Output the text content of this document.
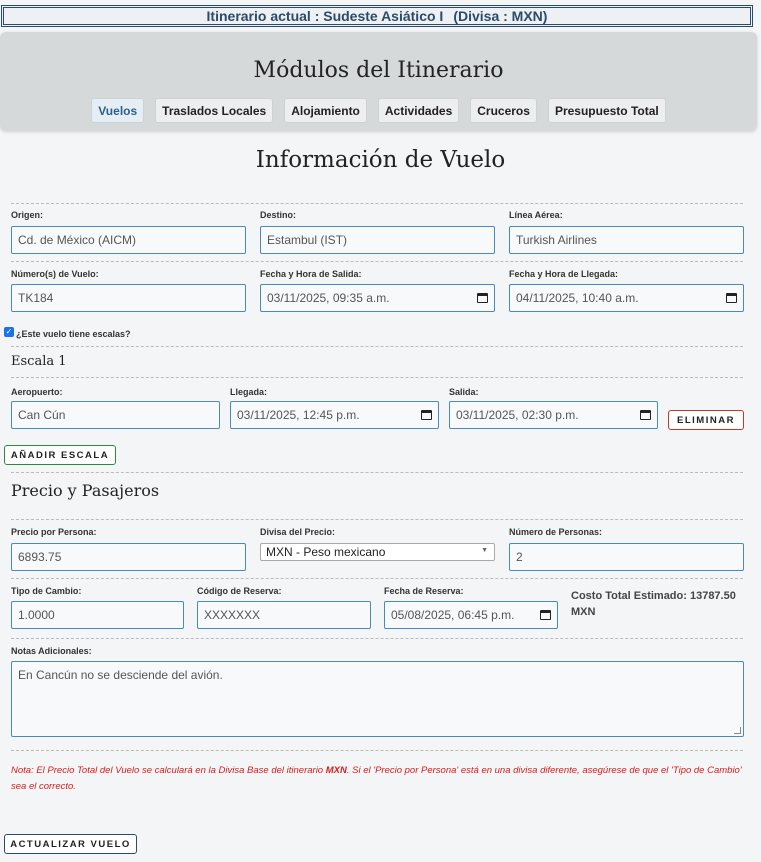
Itinerario actual : Sudeste Asiático I (Divisa : MXN)
Módulos del Itinerario
Vuelos	Traslados Locales	Alojamiento	Actividades	Cruceros	Presupuesto Total
Información de Vuelo
Origen:
Cd. de México (AICM)
Destino:
Estambul (IST)
Línea Aérea:
Turkish Airlines
Número(s) de Vuelo:
TK184
Fecha y Hora de Salida:
03/11/2025, 09:35 a.m.
Fecha y Hora de Llegada:
04/11/2025, 10:40 a.m.
✓ ¿Este vuelo tiene escalas?
Escala 1
Aeropuerto:
Can Cún
Llegada:
03/11/2025, 12:45 p.m.
Salida:
03/11/2025, 02:30 p.m.	ELIMINAR
AÑADIR ESCALA
Precio y Pasajeros
Precio por Persona:
6893.75
Divisa del Precio:
MXN - Peso mexicano	▼
Número de Personas:
2
Tipo de Cambio:
1.0000
Código de Reserva:
XXXXXXX
Fecha de Reserva:
05/08/2025, 06:45 p.m.
Costo Total Estimado: 13787.50 MXN
Notas Adicionales:
En Cancún no se desciende del avión.
Nota: El Precio Total del Vuelo se calculará en la Divisa Base del itinerario MXN. Si el 'Precio por Persona' está en una divisa diferente, asegúrese de que el 'Tipo de Cambio' sea el correcto.
ACTUALIZAR VUELO
